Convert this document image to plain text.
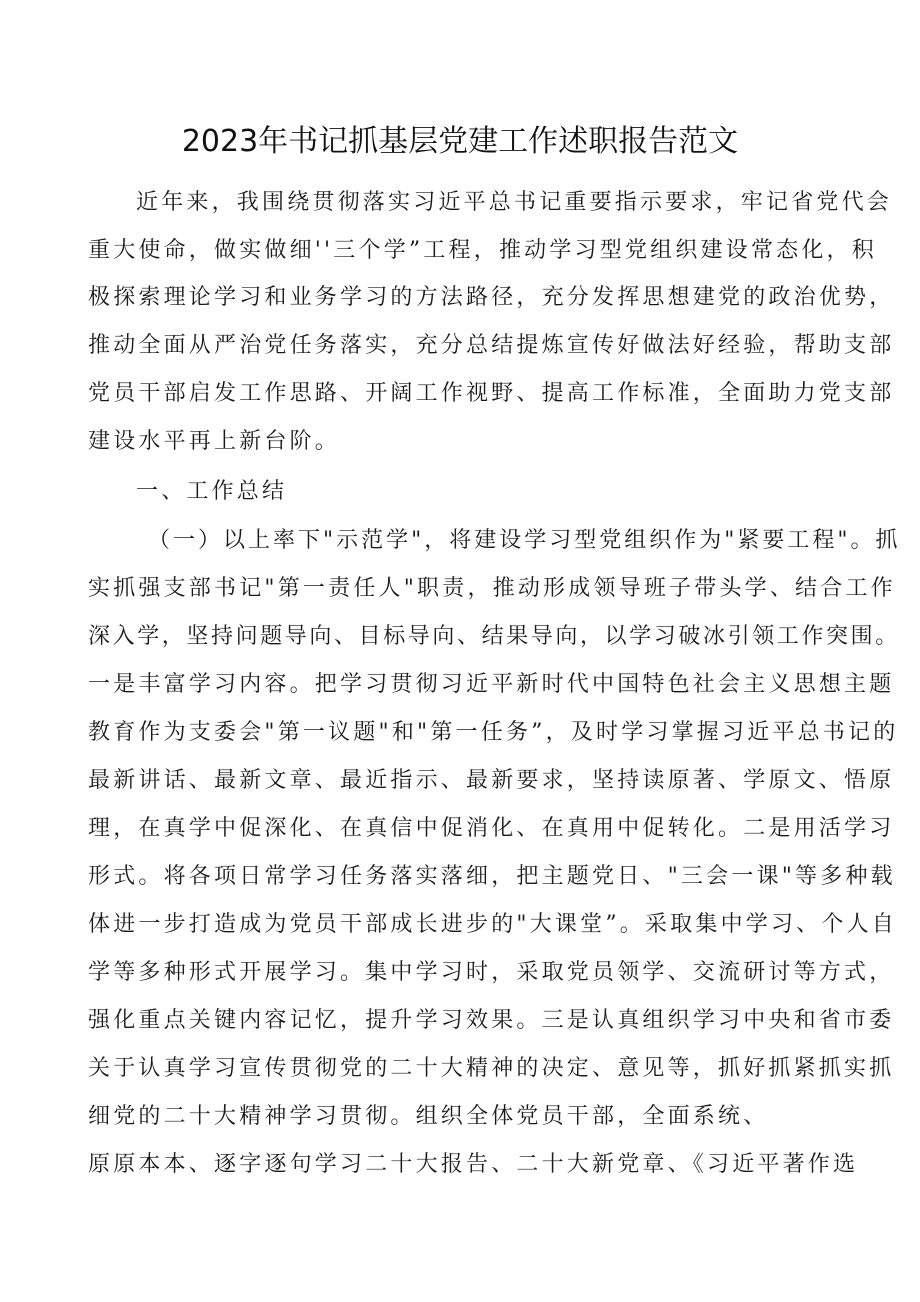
2023年书记抓基层党建工作述职报告范文
近年来，我围绕贯彻落实习近平总书记重要指示要求，牢记省党代会
重大使命，做实做细''三个学”工程，推动学习型党组织建设常态化，积
极探索理论学习和业务学习的方法路径，充分发挥思想建党的政治优势，
推动全面从严治党任务落实，充分总结提炼宣传好做法好经验，帮助支部
党员干部启发工作思路、开阔工作视野、提高工作标准，全面助力党支部
建设水平再上新台阶。
一、工作总结
（一）以上率下"示范学"，将建设学习型党组织作为"紧要工程"。抓
实抓强支部书记"第一责任人"职责，推动形成领导班子带头学、结合工作
深入学，坚持问题导向、目标导向、结果导向，以学习破冰引领工作突围。
一是丰富学习内容。把学习贯彻习近平新时代中国特色社会主义思想主题
教育作为支委会"第一议题"和"第一任务”，及时学习掌握习近平总书记的
最新讲话、最新文章、最近指示、最新要求，坚持读原著、学原文、悟原
理，在真学中促深化、在真信中促消化、在真用中促转化。二是用活学习
形式。将各项日常学习任务落实落细，把主题党日、"三会一课"等多种载
体进一步打造成为党员干部成长进步的"大课堂”。采取集中学习、个人自
学等多种形式开展学习。集中学习时，采取党员领学、交流研讨等方式，
强化重点关键内容记忆，提升学习效果。三是认真组织学习中央和省市委
关于认真学习宣传贯彻党的二十大精神的决定、意见等，抓好抓紧抓实抓
细党的二十大精神学习贯彻。组织全体党员干部，全面系统、
原原本本、逐字逐句学习二十大报告、二十大新党章、《习近平著作选
